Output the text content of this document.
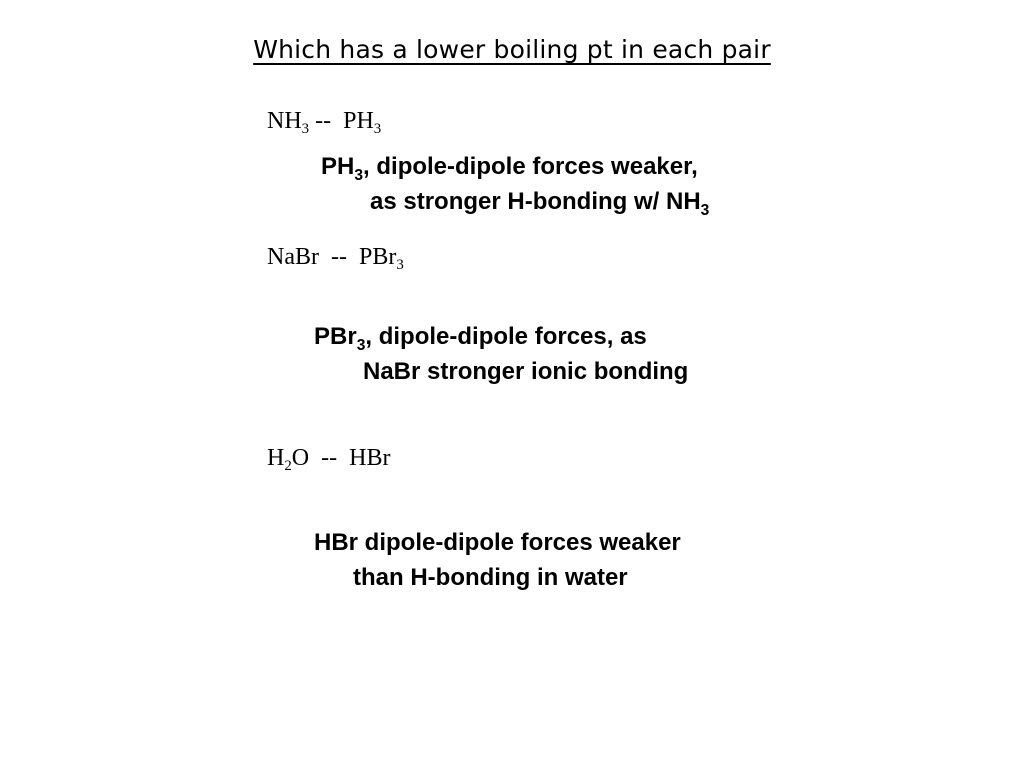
Which has a lower boiling pt in each pair
$NH_3 -- PH_3$
$PH_3$, dipole-dipole forces weaker,
as stronger H-bonding w/ $NH_3$
NaBr  --  PBr$_3$
PBr$_3$, dipole-dipole forces, as
NaBr stronger ionic bonding
$H_2O$  --  HBr
HBr dipole-dipole forces weaker
than H-bonding in water
